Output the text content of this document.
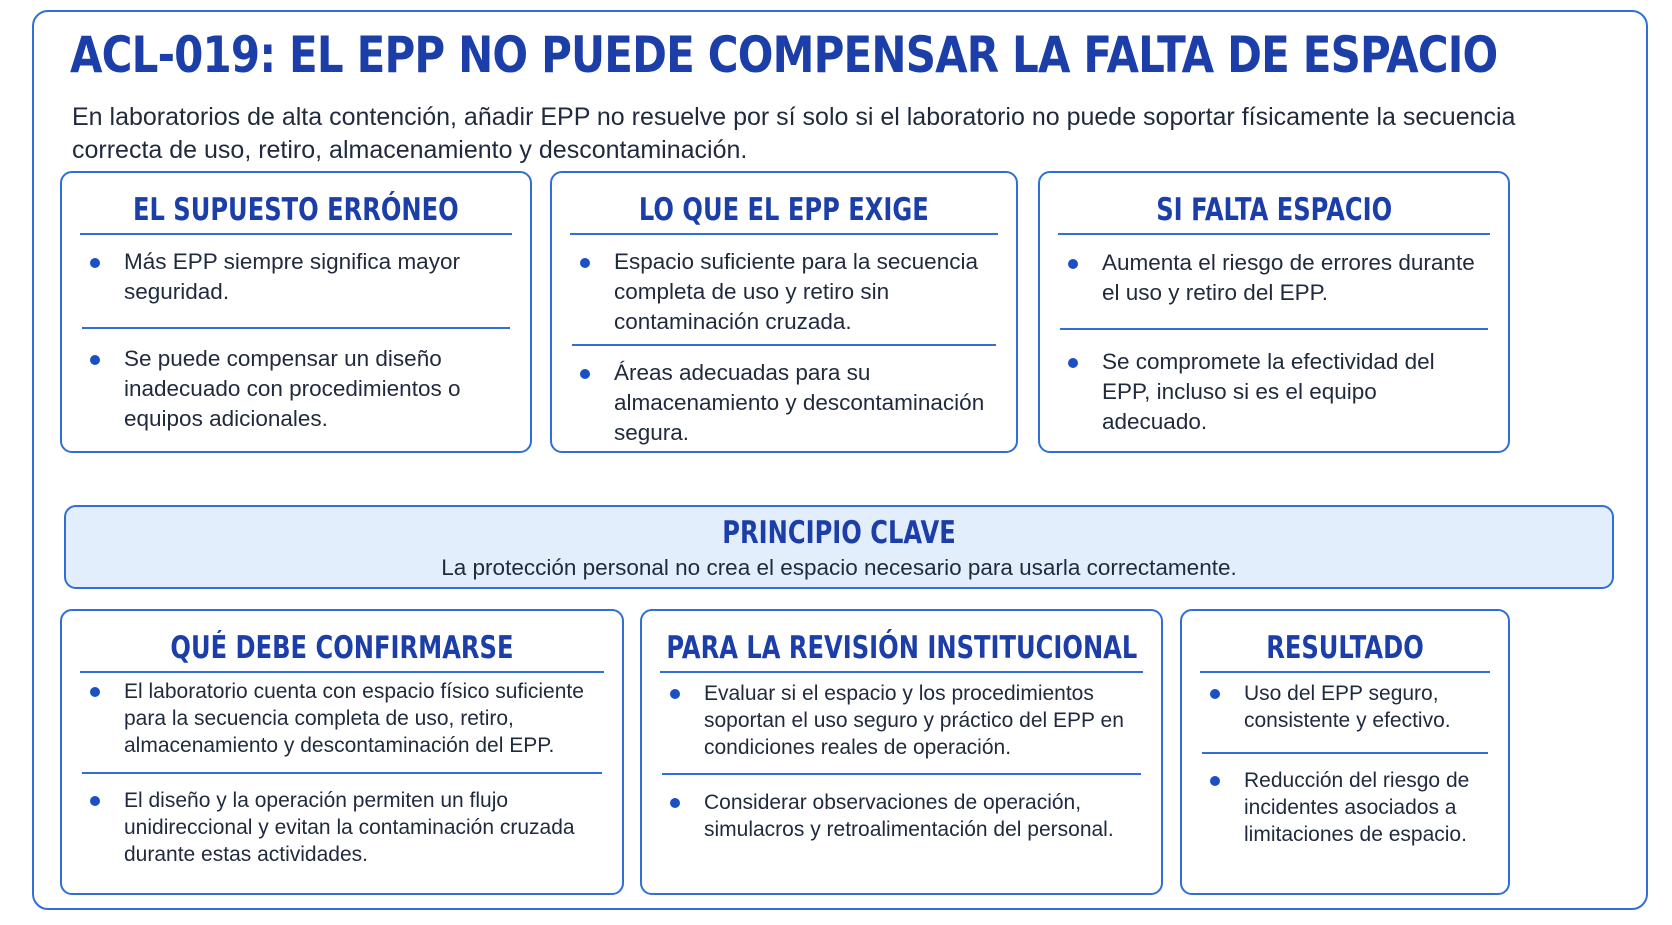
ACL-019: EL EPP NO PUEDE COMPENSAR LA FALTA DE ESPACIO
En laboratorios de alta contención, añadir EPP no resuelve por sí solo si el laboratorio no puede soportar físicamente la secuencia correcta de uso, retiro, almacenamiento y descontaminación.
EL SUPUESTO ERRÓNEO
Más EPP siempre significa mayor seguridad.
Se puede compensar un diseño inadecuado con procedimientos o equipos adicionales.
LO QUE EL EPP EXIGE
Espacio suficiente para la secuencia completa de uso y retiro sin contaminación cruzada.
Áreas adecuadas para su almacenamiento y descontaminación segura.
SI FALTA ESPACIO
Aumenta el riesgo de errores durante el uso y retiro del EPP.
Se compromete la efectividad del EPP, incluso si es el equipo adecuado.
PRINCIPIO CLAVE
La protección personal no crea el espacio necesario para usarla correctamente.
QUÉ DEBE CONFIRMARSE
El laboratorio cuenta con espacio físico suficiente para la secuencia completa de uso, retiro, almacenamiento y descontaminación del EPP.
El diseño y la operación permiten un flujo unidireccional y evitan la contaminación cruzada durante estas actividades.
PARA LA REVISIÓN INSTITUCIONAL
Evaluar si el espacio y los procedimientos soportan el uso seguro y práctico del EPP en condiciones reales de operación.
Considerar observaciones de operación, simulacros y retroalimentación del personal.
RESULTADO
Uso del EPP seguro, consistente y efectivo.
Reducción del riesgo de incidentes asociados a limitaciones de espacio.
